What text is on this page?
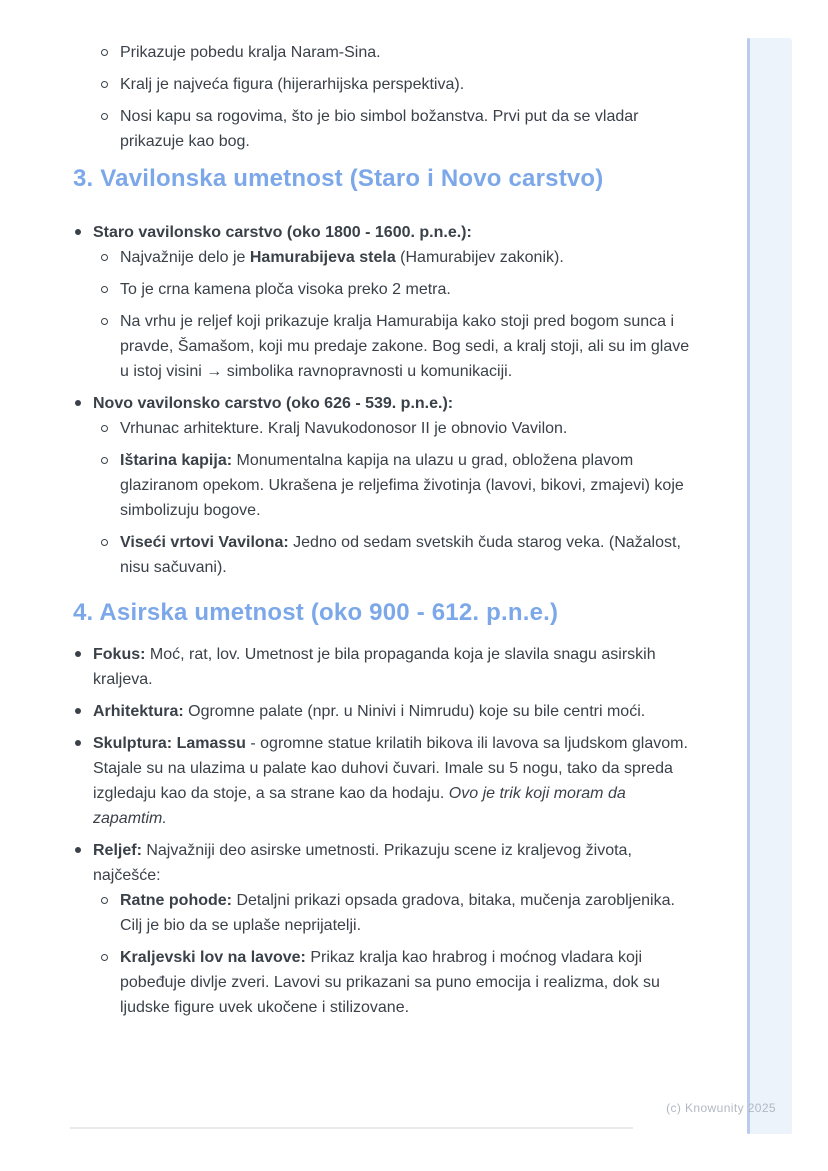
Prikazuje pobedu kralja Naram-Sina.
Kralj je najveća figura (hijerarhijska perspektiva).
Nosi kapu sa rogovima, što je bio simbol božanstva. Prvi put da se vladar prikazuje kao bog.
3. Vavilonska umetnost (Staro i Novo carstvo)
Staro vavilonsko carstvo (oko 1800 - 1600. p.n.e.):
Najvažnije delo je Hamurabijeva stela (Hamurabijev zakonik).
To je crna kamena ploča visoka preko 2 metra.
Na vrhu je reljef koji prikazuje kralja Hamurabija kako stoji pred bogom sunca i pravde, Šamašom, koji mu predaje zakone. Bog sedi, a kralj stoji, ali su im glave u istoj visini → simbolika ravnopravnosti u komunikaciji.
Novo vavilonsko carstvo (oko 626 - 539. p.n.e.):
Vrhunac arhitekture. Kralj Navukodonosor II je obnovio Vavilon.
Ištarina kapija: Monumentalna kapija na ulazu u grad, obložena plavom glaziranom opekom. Ukrašena je reljefima životinja (lavovi, bikovi, zmajevi) koje simbolizuju bogove.
Viseći vrtovi Vavilona: Jedno od sedam svetskih čuda starog veka. (Nažalost, nisu sačuvani).
4. Asirska umetnost (oko 900 - 612. p.n.e.)
Fokus: Moć, rat, lov. Umetnost je bila propaganda koja je slavila snagu asirskih kraljeva.
Arhitektura: Ogromne palate (npr. u Ninivi i Nimrudu) koje su bile centri moći.
Skulptura: Lamassu - ogromne statue krilatih bikova ili lavova sa ljudskom glavom. Stajale su na ulazima u palate kao duhovi čuvari. Imale su 5 nogu, tako da spreda izgledaju kao da stoje, a sa strane kao da hodaju. Ovo je trik koji moram da zapamtim.
Reljef: Najvažniji deo asirske umetnosti. Prikazuju scene iz kraljevog života, najčešće:
Ratne pohode: Detaljni prikazi opsada gradova, bitaka, mučenja zarobljenika. Cilj je bio da se uplaše neprijatelji.
Kraljevski lov na lavove: Prikaz kralja kao hrabrog i moćnog vladara koji pobeđuje divlje zveri. Lavovi su prikazani sa puno emocija i realizma, dok su ljudske figure uvek ukočene i stilizovane.
(c) Knowunity 2025
